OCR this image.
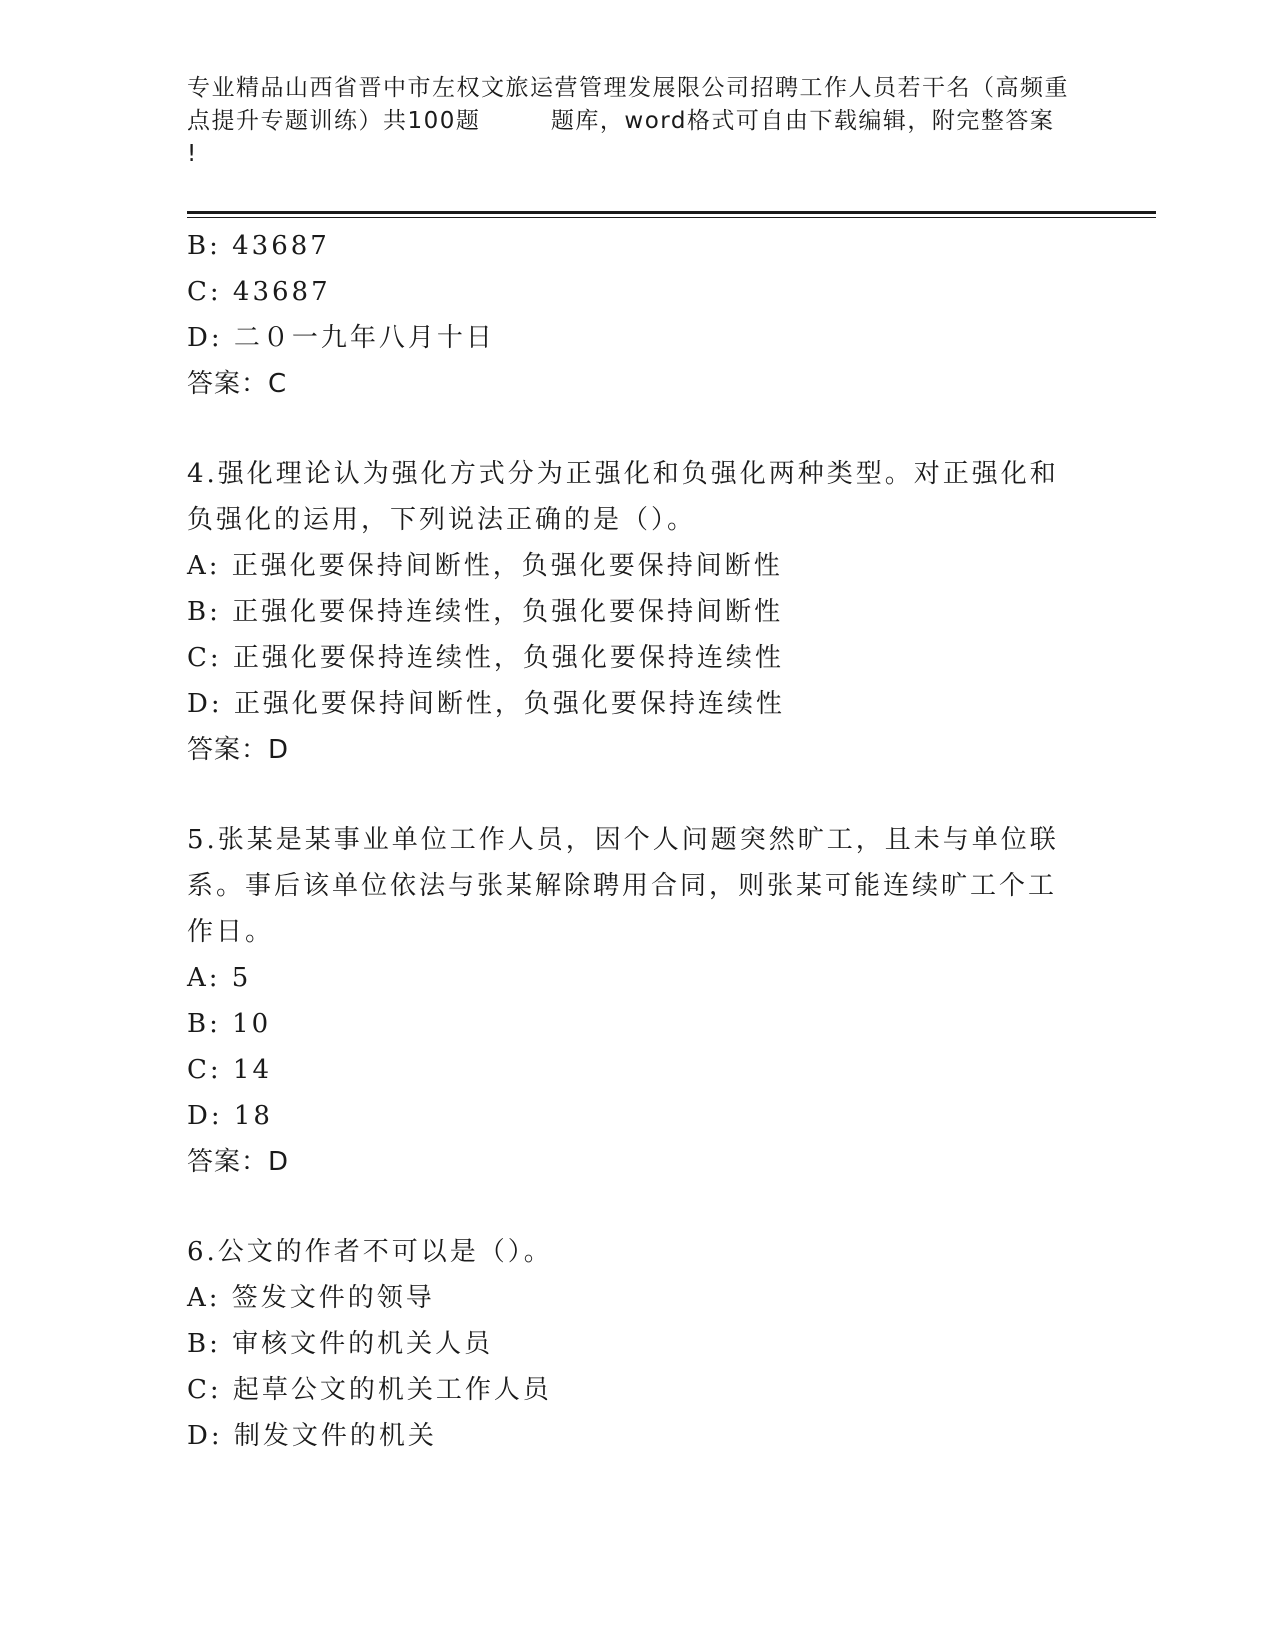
专业精品山西省晋中市左权文旅运营管理发展限公司招聘工作人员若干名（高频重
点提升专题训练）共100题        题库，word格式可自由下载编辑，附完整答案
!
B: 43687
C: 43687
D: 二０一九年八月十日
答案：C
4.强化理论认为强化方式分为正强化和负强化两种类型。对正强化和
负强化的运用，下列说法正确的是（）。
A: 正强化要保持间断性，负强化要保持间断性
B: 正强化要保持连续性，负强化要保持间断性
C: 正强化要保持连续性，负强化要保持连续性
D: 正强化要保持间断性，负强化要保持连续性
答案：D
5.张某是某事业单位工作人员，因个人问题突然旷工，且未与单位联
系。事后该单位依法与张某解除聘用合同，则张某可能连续旷工个工
作日。
A: 5
B: 10
C: 14
D: 18
答案：D
6.公文的作者不可以是（）。
A: 签发文件的领导
B: 审核文件的机关人员
C: 起草公文的机关工作人员
D: 制发文件的机关
